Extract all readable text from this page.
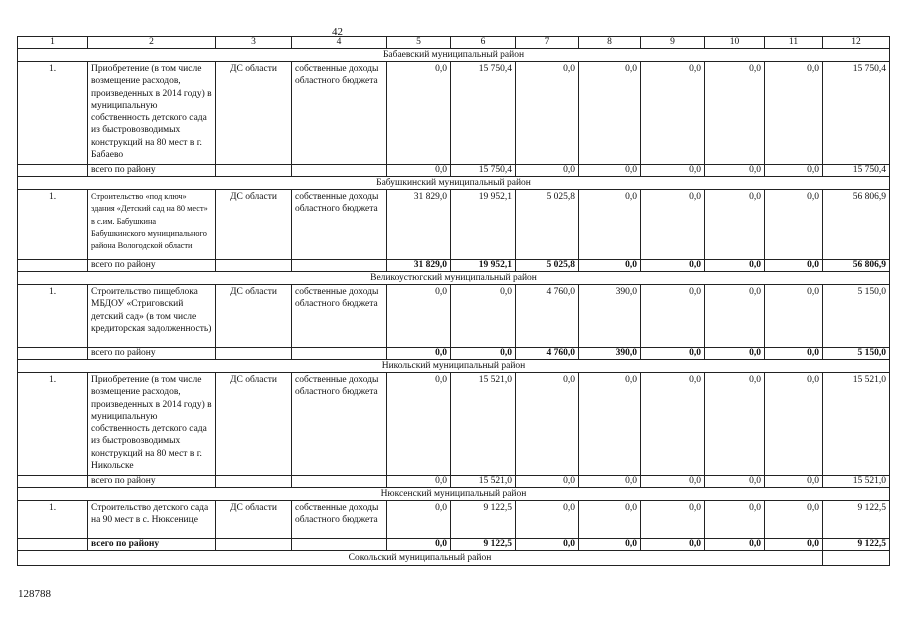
42
1	2	3	4	5	6	7	8	9	10	11	12
Бабаевский муниципальный район											
1.	Приобретение (в том числе возмещение расходов, произведенных в 2014 году) в муниципальную собственность детского сада из быстровозводимых конструкций на 80 мест в г. Бабаево	ДС области	собственные доходы областного бюджета	0,0	15 750,4	0,0	0,0	0,0	0,0	0,0	15 750,4
	всего по району			0,0	15 750,4	0,0	0,0	0,0	0,0	0,0	15 750,4
Бабушкинский муниципальный район											
1.	Строительство «под ключ» здания «Детский сад на 80 мест» в с.им. Бабушкина Бабушкинского муниципального района Вологодской области	ДС области	собственные доходы областного бюджета	31 829,0	19 952,1	5 025,8	0,0	0,0	0,0	0,0	56 806,9
	всего по району			31 829,0	19 952,1	5 025,8	0,0	0,0	0,0	0,0	56 806,9
Великоустюгский муниципальный район											
1.	Строительство пищеблока МБДОУ «Стриговский детский сад» (в том числе кредиторская задолженность)	ДС области	собственные доходы областного бюджета	0,0	0,0	4 760,0	390,0	0,0	0,0	0,0	5 150,0
	всего по району			0,0	0,0	4 760,0	390,0	0,0	0,0	0,0	5 150,0
Никольский муниципальный район											
1.	Приобретение (в том числе возмещение расходов, произведенных в 2014 году) в муниципальную собственность детского сада из быстровозводимых конструкций на 80 мест в г. Никольске	ДС области	собственные доходы областного бюджета	0,0	15 521,0	0,0	0,0	0,0	0,0	0,0	15 521,0
	всего по району			0,0	15 521,0	0,0	0,0	0,0	0,0	0,0	15 521,0
Нюксенский муниципальный район											
1.	Строительство детского сада на 90 мест в с. Нюксенице	ДС области	собственные доходы областного бюджета	0,0	9 122,5	0,0	0,0	0,0	0,0	0,0	9 122,5
	всего по району			0,0	9 122,5	0,0	0,0	0,0	0,0	0,0	9 122,5
Сокольский муниципальный район											
128788
